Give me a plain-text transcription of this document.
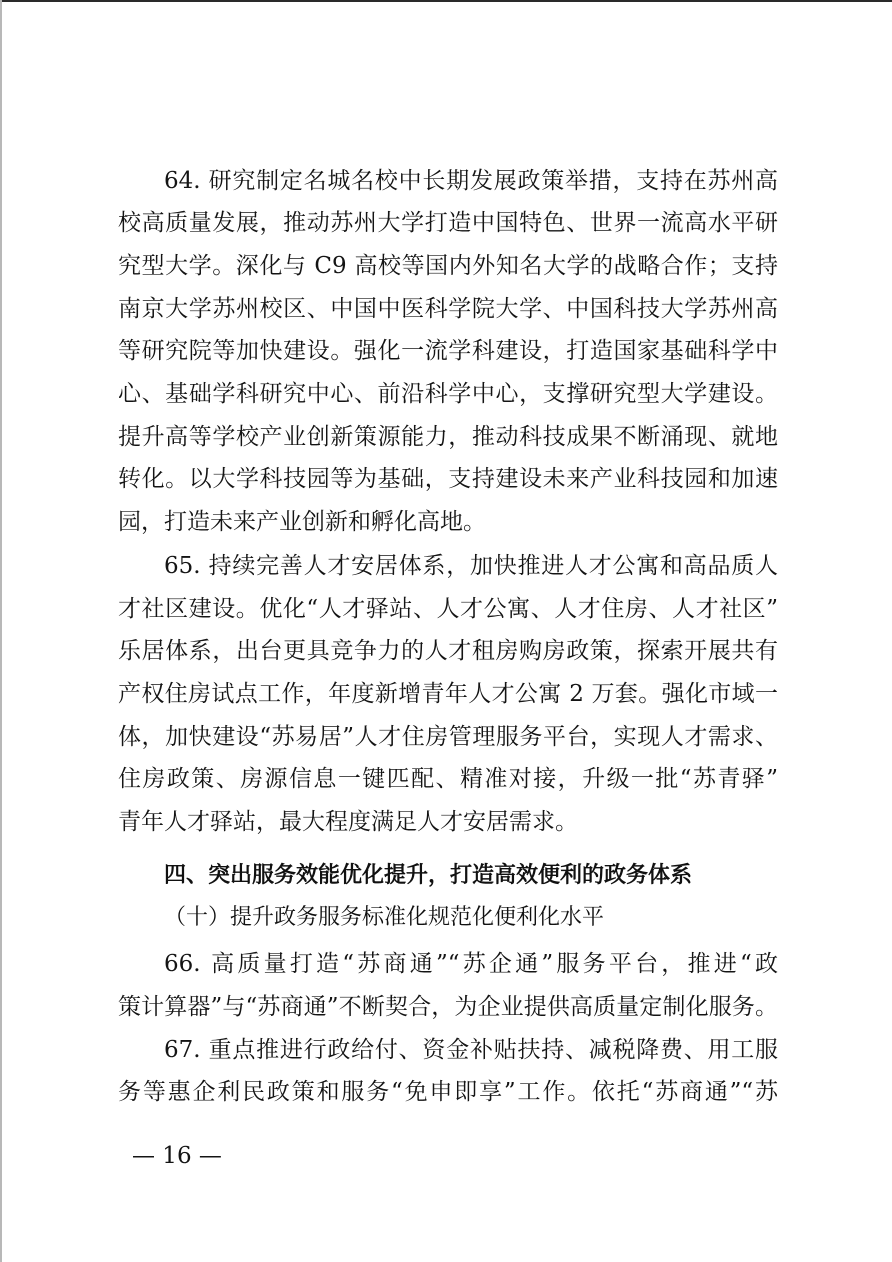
64. 研究制定名城名校中长期发展政策举措，支持在苏州高
校高质量发展，推动苏州大学打造中国特色、世界一流高水平研
究型大学。深化与 C9 高校等国内外知名大学的战略合作；支持
南京大学苏州校区、中国中医科学院大学、中国科技大学苏州高
等研究院等加快建设。强化一流学科建设，打造国家基础科学中
心、基础学科研究中心、前沿科学中心，支撑研究型大学建设。
提升高等学校产业创新策源能力，推动科技成果不断涌现、就地
转化。以大学科技园等为基础，支持建设未来产业科技园和加速
园，打造未来产业创新和孵化高地。
65. 持续完善人才安居体系，加快推进人才公寓和高品质人
才社区建设。优化“人才驿站、人才公寓、人才住房、人才社区”
乐居体系，出台更具竞争力的人才租房购房政策，探索开展共有
产权住房试点工作，年度新增青年人才公寓 2 万套。强化市域一
体，加快建设“苏易居”人才住房管理服务平台，实现人才需求、
住房政策、房源信息一键匹配、精准对接，升级一批“苏青驿”
青年人才驿站，最大程度满足人才安居需求。
四、突出服务效能优化提升，打造高效便利的政务体系
（十）提升政务服务标准化规范化便利化水平
66. 高质量打造“苏商通”“苏企通”服务平台，推进“政
策计算器”与“苏商通”不断契合，为企业提供高质量定制化服务。
67. 重点推进行政给付、资金补贴扶持、减税降费、用工服
务等惠企利民政策和服务“免申即享”工作。依托“苏商通”“苏
— 16 —
